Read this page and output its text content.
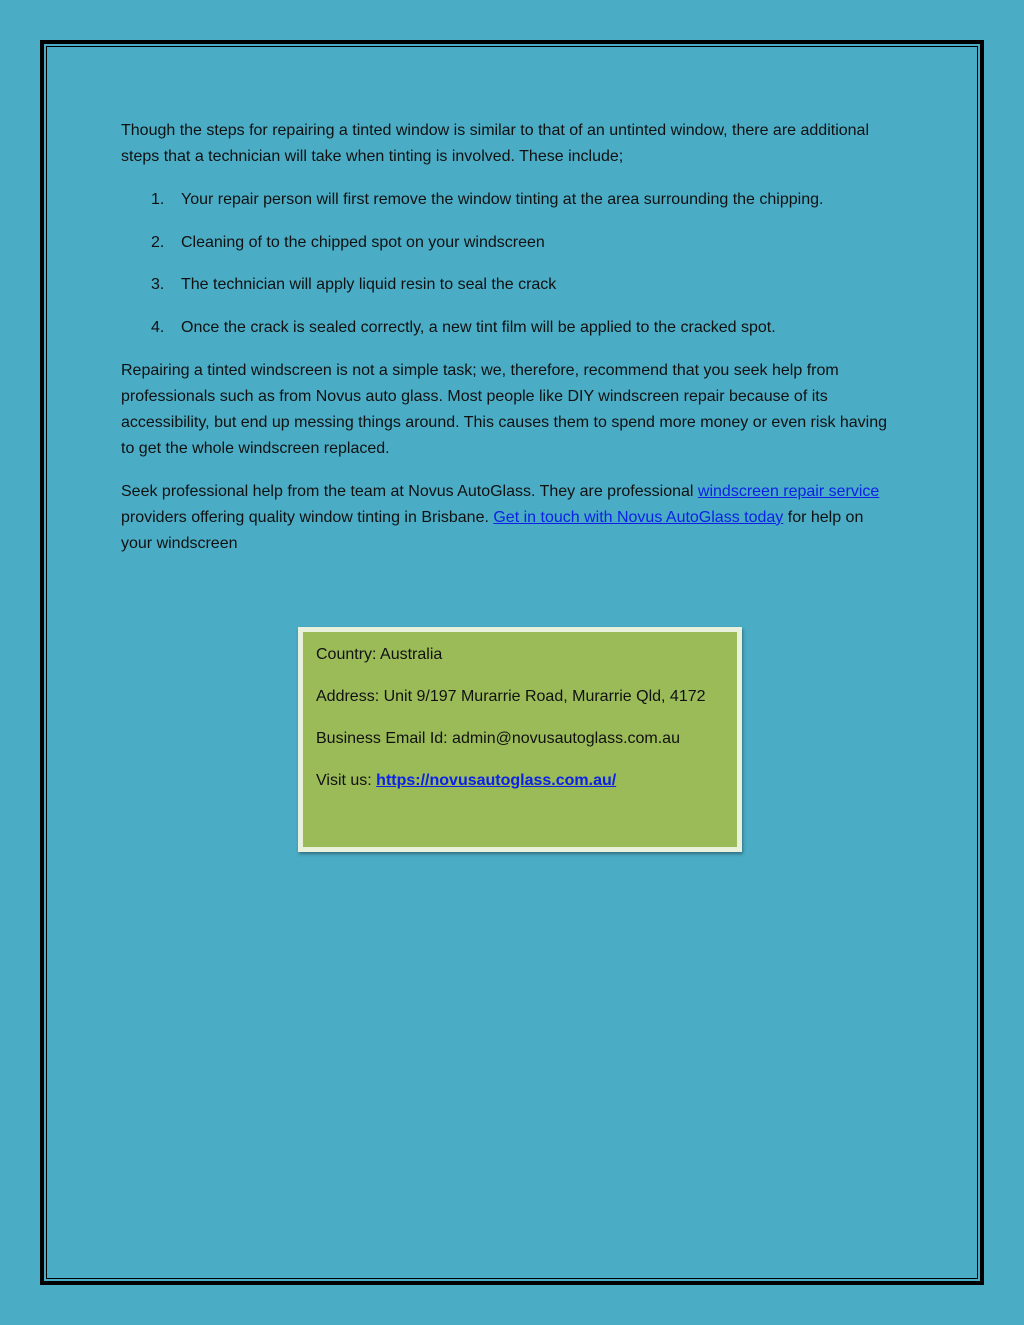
Though the steps for repairing a tinted window is similar to that of an untinted window, there are additional steps that a technician will take when tinting is involved. These include;

1.	Your repair person will first remove the window tinting at the area surrounding the chipping.
2.	Cleaning of to the chipped spot on your windscreen
3.	The technician will apply liquid resin to seal the crack
4.	Once the crack is sealed correctly, a new tint film will be applied to the cracked spot.

Repairing a tinted windscreen is not a simple task; we, therefore, recommend that you seek help from professionals such as from Novus auto glass. Most people like DIY windscreen repair because of its accessibility, but end up messing things around. This causes them to spend more money or even risk having to get the whole windscreen replaced.

Seek professional help from the team at Novus AutoGlass. They are professional windscreen repair service providers offering quality window tinting in Brisbane. Get in touch with Novus AutoGlass today for help on your windscreen

Country: Australia

Address: Unit 9/197 Murarrie Road, Murarrie Qld, 4172

Business Email Id: admin@novusautoglass.com.au

Visit us: https://novusautoglass.com.au/
